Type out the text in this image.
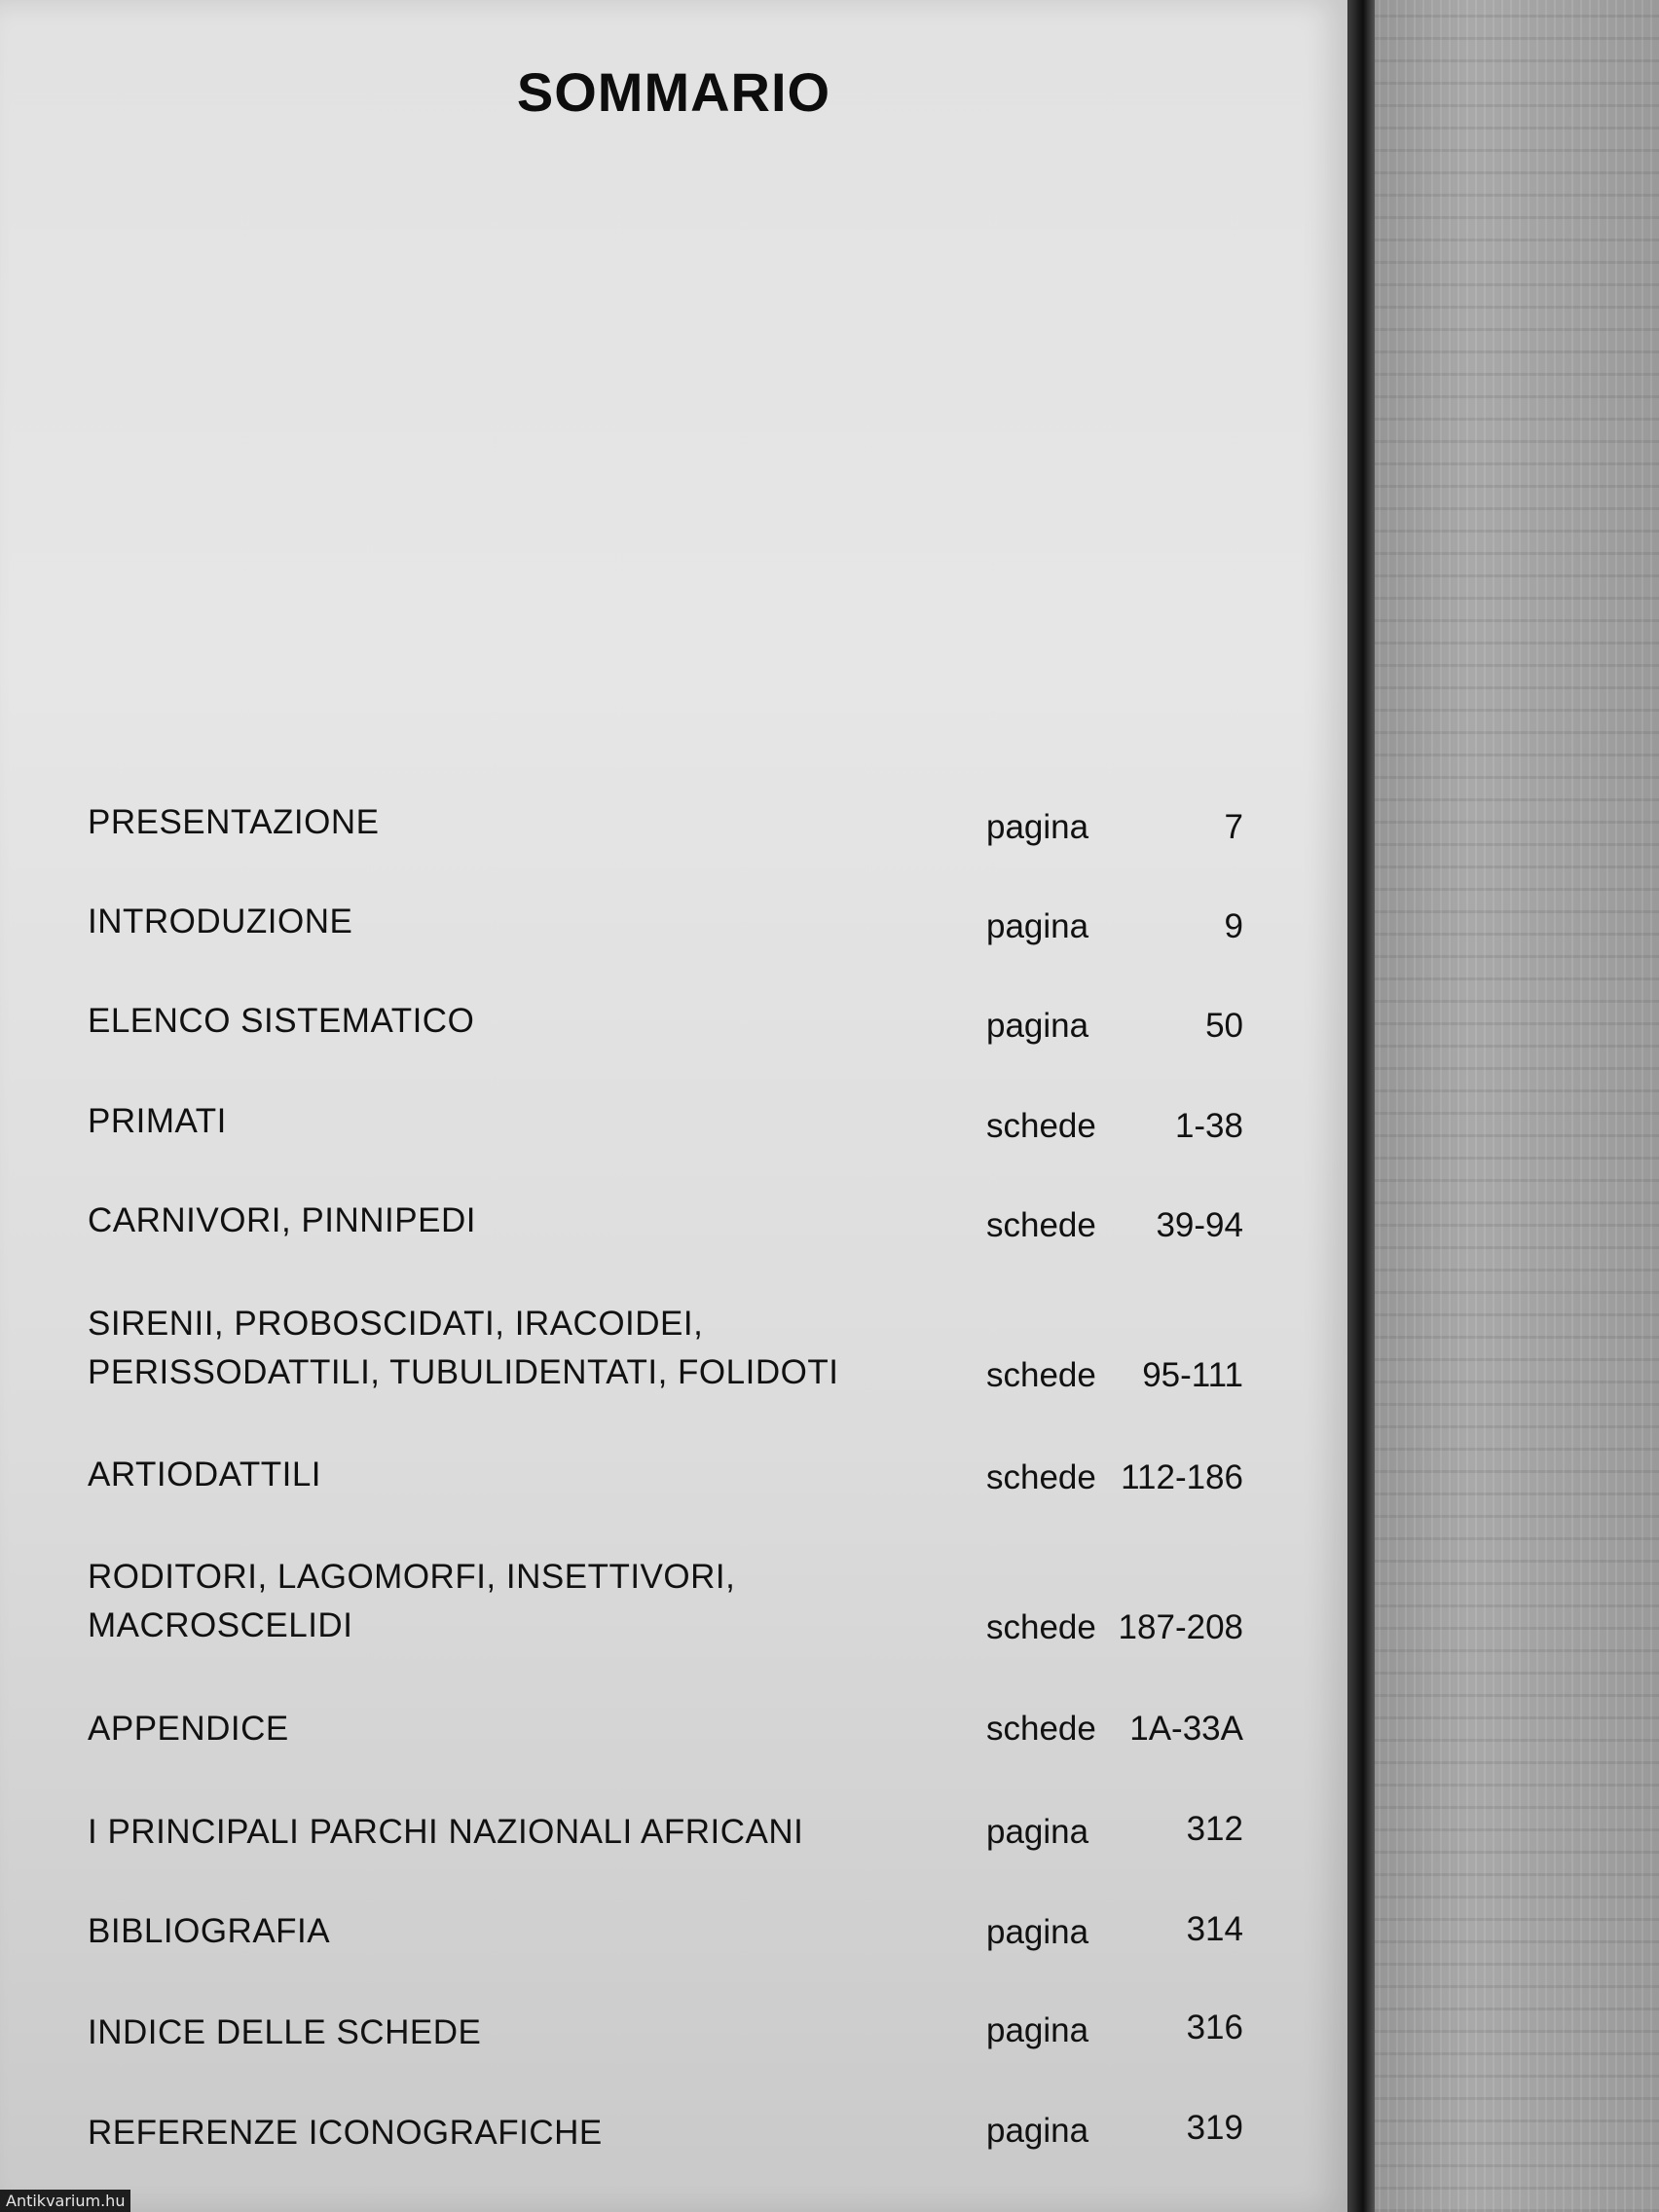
SOMMARIO
PRESENTAZIONE	pagina	7
INTRODUZIONE	pagina	9
ELENCO SISTEMATICO	pagina	50
PRIMATI	schede	1-38
CARNIVORI, PINNIPEDI	schede	39-94
SIRENII, PROBOSCIDATI, IRACOIDEI,
PERISSODATTILI, TUBULIDENTATI, FOLIDOTI	schede	95-111
ARTIODATTILI	schede 112-186
RODITORI, LAGOMORFI, INSETTIVORI,
MACROSCELIDI	schede 187-208
APPENDICE	schede 1A-33A
I PRINCIPALI PARCHI NAZIONALI AFRICANI	pagina	312
BIBLIOGRAFIA	pagina	314
INDICE DELLE SCHEDE	pagina	316
REFERENZE ICONOGRAFICHE	pagina	319
Antikvarium.hu
